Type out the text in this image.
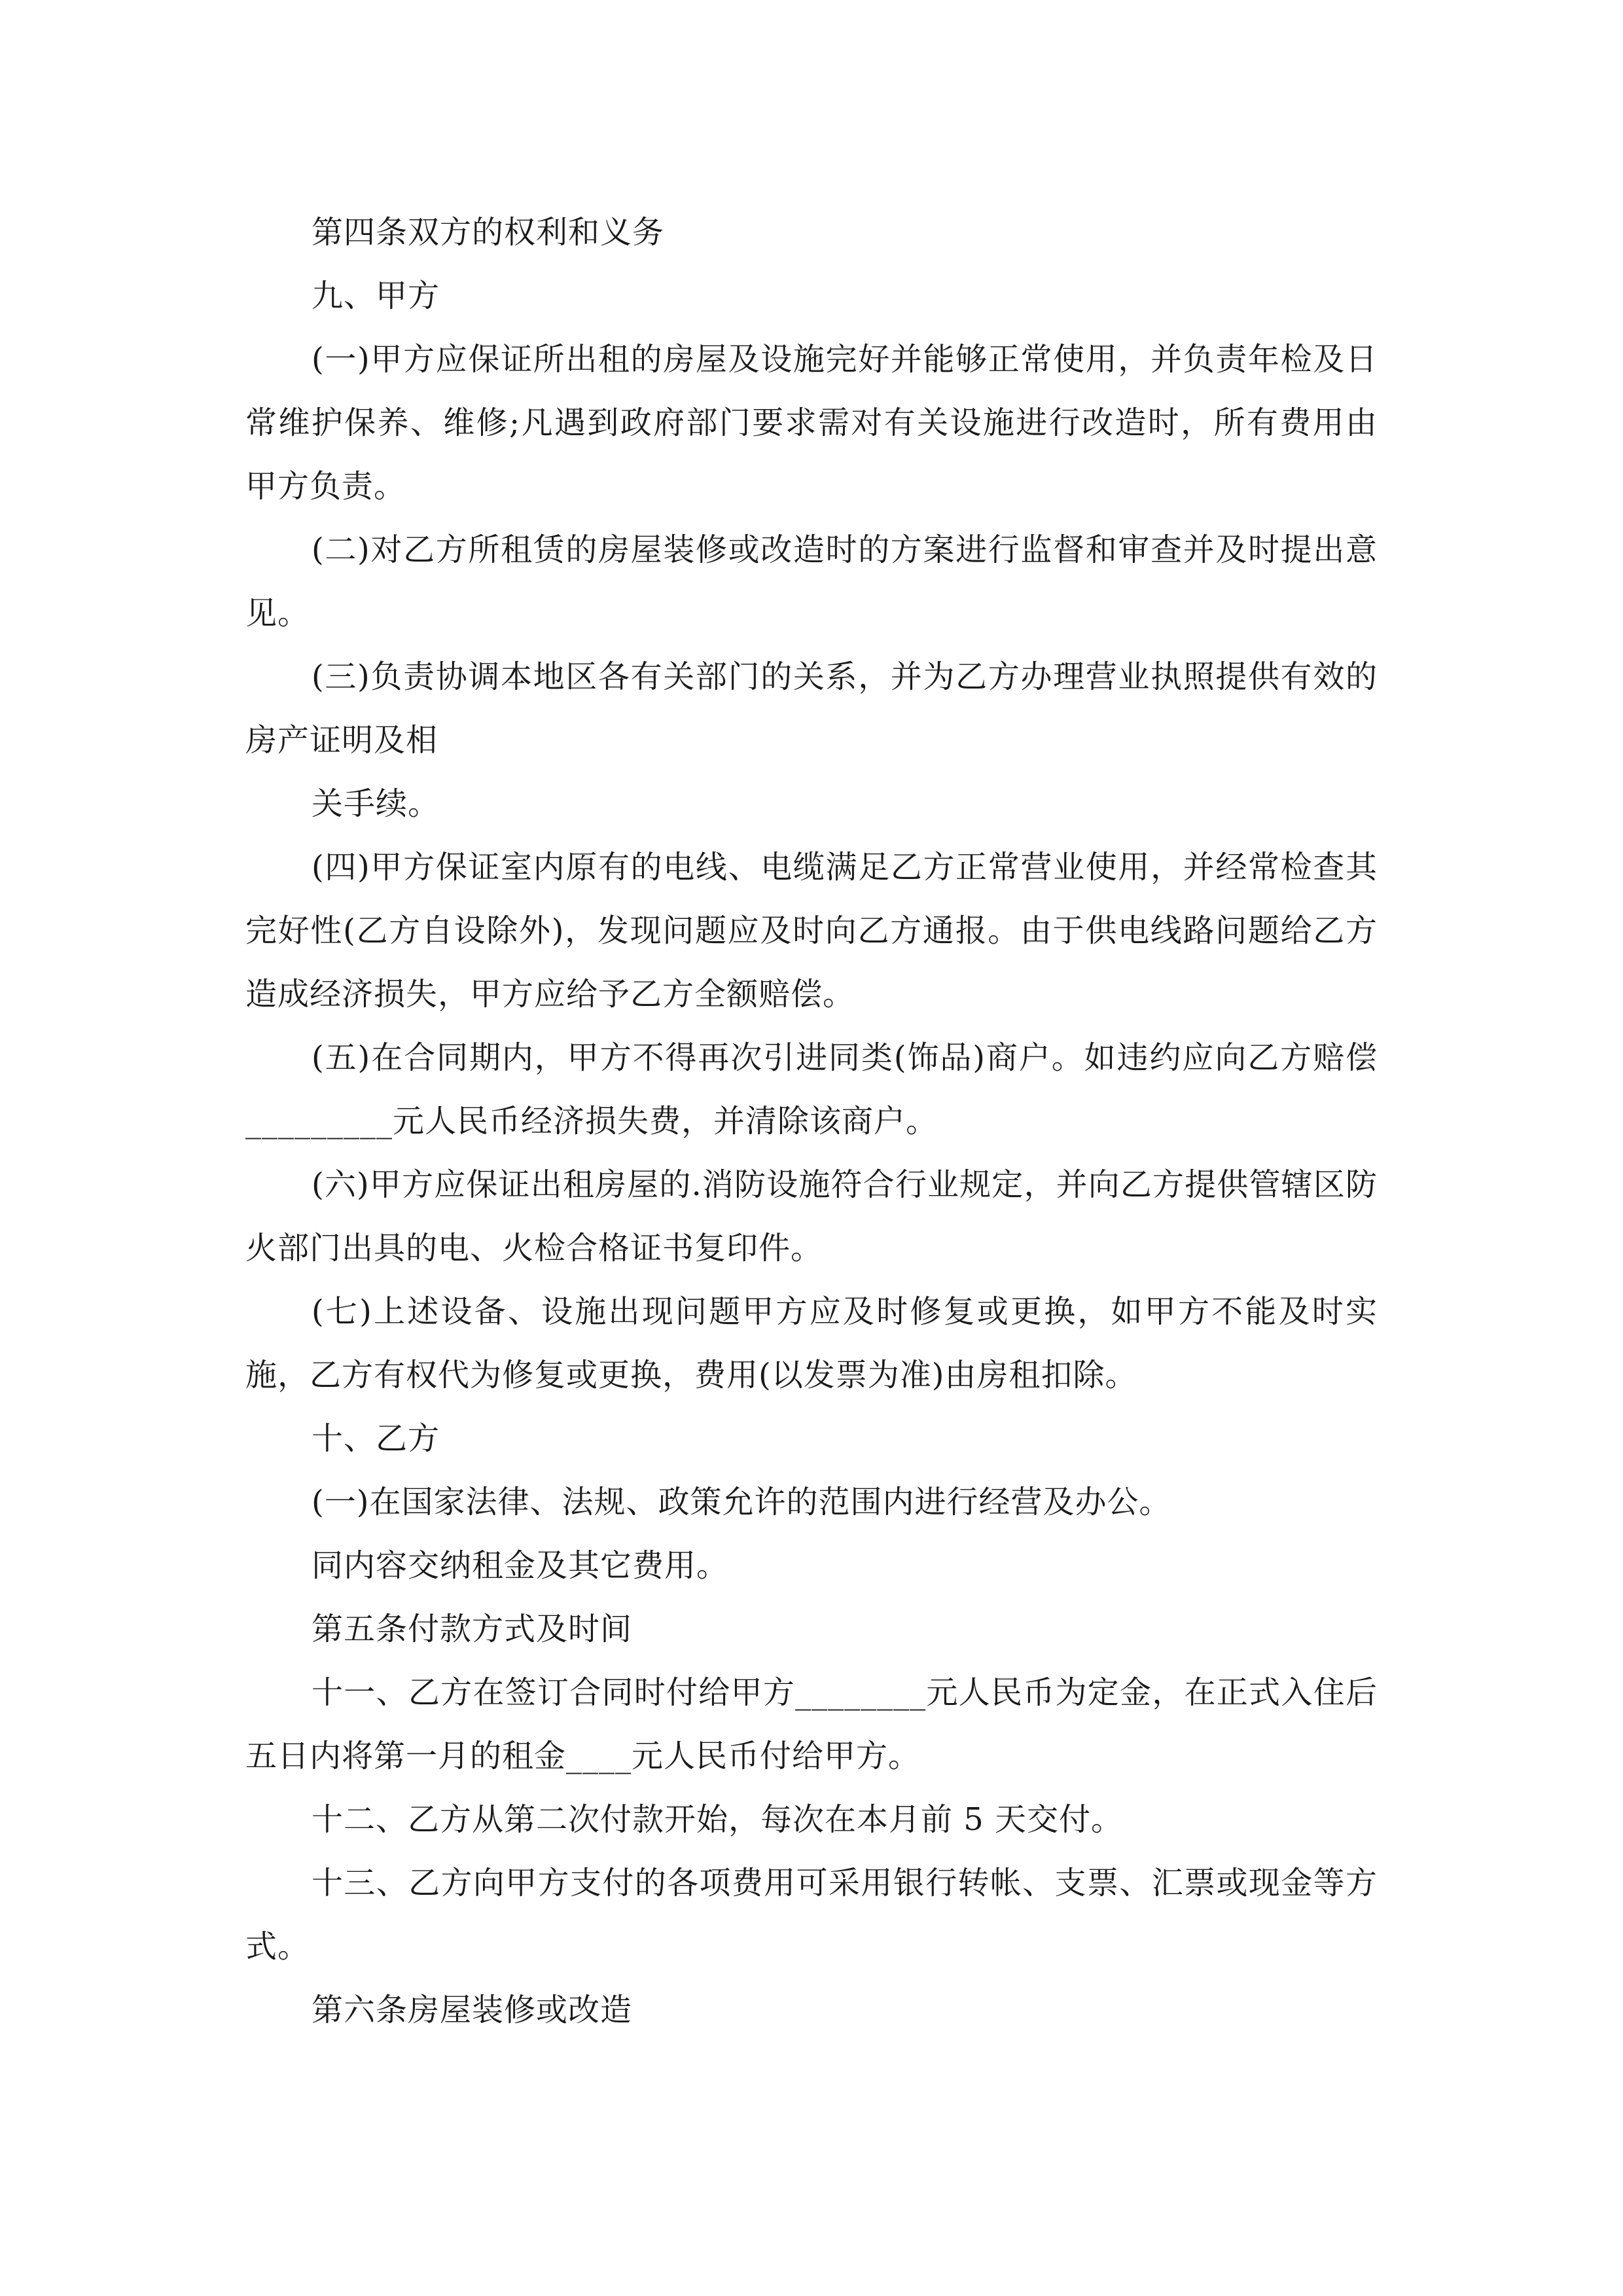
第四条双方的权利和义务

九、甲方

(一)甲方应保证所出租的房屋及设施完好并能够正常使用，并负责年检及日常维护保养、维修;凡遇到政府部门要求需对有关设施进行改造时，所有费用由甲方负责。

(二)对乙方所租赁的房屋装修或改造时的方案进行监督和审查并及时提出意见。

(三)负责协调本地区各有关部门的关系，并为乙方办理营业执照提供有效的房产证明及相

关手续。

(四)甲方保证室内原有的电线、电缆满足乙方正常营业使用，并经常检查其完好性(乙方自设除外)，发现问题应及时向乙方通报。由于供电线路问题给乙方造成经济损失，甲方应给予乙方全额赔偿。

(五)在合同期内，甲方不得再次引进同类(饰品)商户。如违约应向乙方赔偿_________元人民币经济损失费，并清除该商户。

(六)甲方应保证出租房屋的.消防设施符合行业规定，并向乙方提供管辖区防火部门出具的电、火检合格证书复印件。

(七)上述设备、设施出现问题甲方应及时修复或更换，如甲方不能及时实施，乙方有权代为修复或更换，费用(以发票为准)由房租扣除。

十、乙方

(一)在国家法律、法规、政策允许的范围内进行经营及办公。

同内容交纳租金及其它费用。

第五条付款方式及时间

十一、乙方在签订合同时付给甲方________元人民币为定金，在正式入住后五日内将第一月的租金____元人民币付给甲方。

十二、乙方从第二次付款开始，每次在本月前 5 天交付。

十三、乙方向甲方支付的各项费用可采用银行转帐、支票、汇票或现金等方式。

第六条房屋装修或改造
